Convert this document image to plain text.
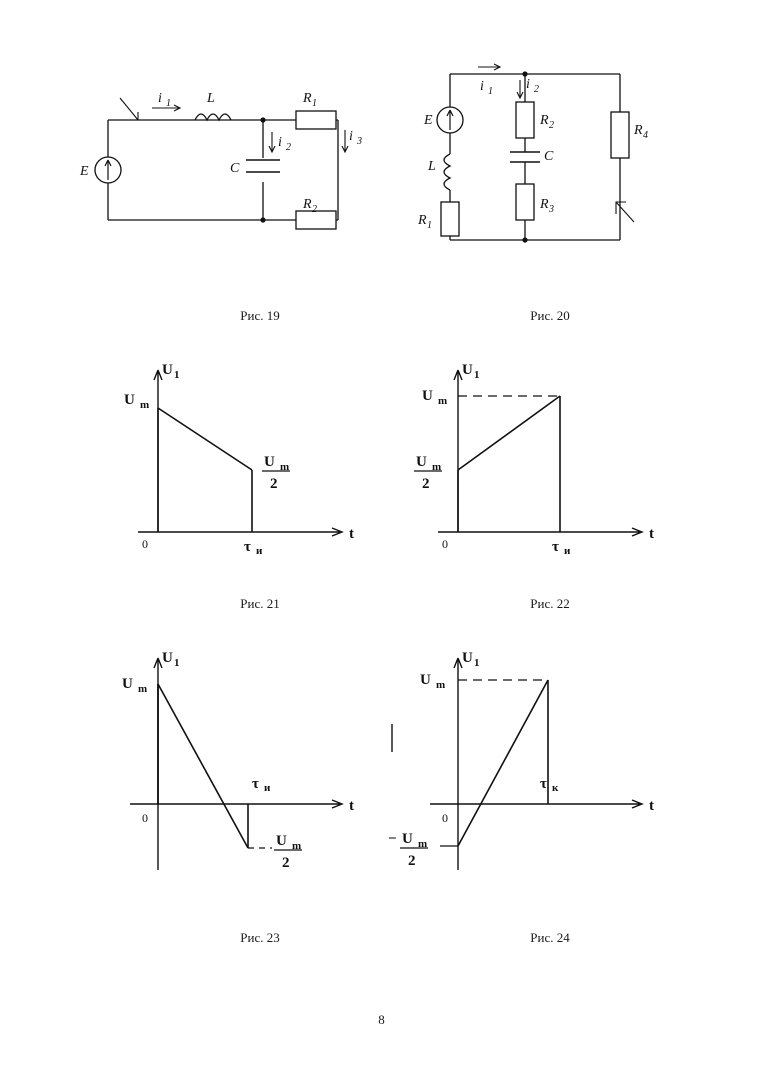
E
i 1	L
C
i 2
R 1
R 2
i 3
Рис. 19
E
L
R 1
i 1 i 2
R 2
C
R 3
R 4
Рис. 20
U 1
t
0
U m
U m
2
τ и
Рис. 21
U 1
t
0
U m
U m
2
τ и
Рис. 22
U 1
t
0
U m
τ и
U m
2
Рис. 23
U 1
t
0
U m
− U m
2
τ к
Рис. 24
8
